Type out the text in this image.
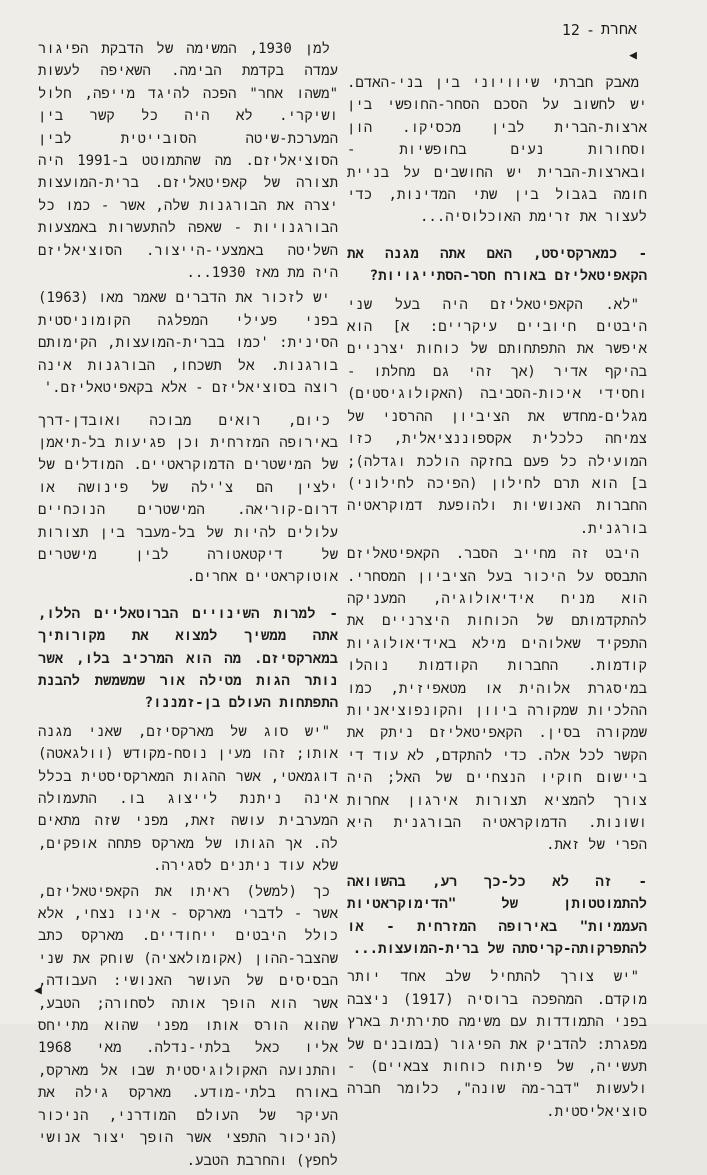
אחרת
-
12
◀

מאבק חברתי שיוויוני בין בני-האדם. יש לחשוב על הסכם הסחר-החופשי בין ארצות-הברית לבין מכסיקו. הון וסחורות נעים בחופשיות - ובארצות-הברית יש החושבים על בניית חומה בגבול בין שתי המדינות, כדי לעצור את זרימת האוכלוסיה...

- כמארקסיסט, האם אתה מגנה את הקאפיטאליזם באורח חסר-הסתייגויות?

"לא. הקאפיטאליזם היה בעל שני היבטים חיוביים עיקריים: א] הוא איפשר את התפתחותם של כוחות יצרניים בהיקף אדיר (אך זהי גם מחלתו - וחסידי איכות-הסביבה (האקולוגיסטים) מגלים-מחדש את הציביון ההרסני של צמיחה כלכלית אקספוננציאלית, כזו המועילה כל פעם בחזקה הולכת וגדלה); ב] הוא תרם לחילון (הפיכה לחילוני) החברות האנושיות ולהופעת דמוקראטיה בורגנית.

היבט זה מחייב הסבר. הקאפיטאליזם התבסס על היכור בעל הציביון המסחרי. הוא מניח אידיאולוגיה, המעניקה להתקדמותם של הכוחות היצרניים את התפקיד שאלוהים מילא באידיאולוגיות קודמות. החברות הקודמות נוהלו במיסגרת אלוהית או מטאפיזית, כמו ההלכיות שמקורה ביוון והקונפוציאניות שמקורה בסין. הקאפיטאליזם ניתק את הקשר לכל אלה. כדי להתקדם, לא עוד די ביישום חוקיו הנצחיים של האל; היה צורך להמציא תצורות אירגון אחרות ושונות. הדמוקראטיה הבורגנית היא הפרי של זאת.

- זה לא כל-כך רע, בהשוואה להתמוטטותן של "הדימוקראטיות העממיות" באירופה המזרחית - או להתפרקותה-קריסתה של ברית-המועצות...

"יש צורך להתחיל שלב אחד יותר מוקדם. המהפכה ברוסיה (1917) ניצבה בפני התמודדות עם משימה סתירתית בארץ מפגרת: להדביק את הפיגור (במובנים של תעשייה, של פיתוח כוחות צבאיים) - ולעשות "דבר-מה שונה", כלומר חברה סוציאליסטית.

למן 1930, המשימה של הדבקת הפיגור עמדה בקדמת הבימה. השאיפה לעשות "משהו אחר" הפכה להיגד מייפה, חלול ושיקרי. לא היה כל קשר בין המערכת-שיטה הסובייטית לבין הסוציאליזם. מה שהתמוטט ב-1991 היה תצורה של קאפיטאליזם. ברית-המועצות יצרה את הבורגנות שלה, אשר - כמו כל הבורגנויות - שאפה להתעשרות באמצעות השליטה באמצעי-הייצור. הסוציאליזם היה מת מאז 1930...

יש לזכור את הדברים שאמר מאו (1963) בפני פעילי המפלגה הקומוניסטית הסינית: 'כמו בברית-המועצות, הקימותם בורגנות. אל תשכחו, הבורגנות אינה רוצה בסוציאליזם - אלא בקאפיטאליזם.'

כיום, רואים מבוכה ואובדן-דרך באירופה המזרחית וכן פגיעות בל-תיאמן של המישטרים הדמוקראטיים. המודלים של ילצין הם צ'ילה של פינושה או דרום-קוריאה. המישטרים הנוכחיים עלולים להיות של בל-מעבר בין תצורות של דיקטאטורה לבין מישטרים אוטוקראטיים אחרים.

- למרות השינויים הברוטאליים הללו, אתה ממשיך למצוא את מקורותיך במארקסיזם. מה הוא המרכיב בלו, אשר נותר הגות מטילה אור שמשמשת להבנת התפתחות העולם בן-זמננו?

"יש סוג של מארקסיזם, שאני מגנה אותו; זהו מעין נוסח-מקודש (וולגאטה) דוגמאטי, אשר ההגות המארקסיסטית בכלל אינה ניתנת לייצוג בו. התעמולה המערבית עושה זאת, מפני שזה מתאים לה. אך הגותו של מארקס פתחה אופקים, שלא עוד ניתנים לסגירה.

כך (למשל) ראיתו את הקאפיטאליזם, אשר - לדברי מארקס - אינו נצחי, אלא כולל היבטים ייחודיים. מארקס כתב שהצבר-ההון (אקומולאציה) שוחק את שני הבסיסים של העושר האנושי: העבודה, אשר הוא הופך אותה לסחורה; הטבע, שהוא הורס אותו מפני שהוא מתייחס אליו כאל בלתי-נדלה. מאי 1968 והתנועה האקולוגיסטית שבו אל מארקס, באורח בלתי-מודע. מארקס גילה את העיקר של העולם המודרני, הניכור (הניכור התפצי אשר הופך יצור אנושי לחפץ) והחרבת הטבע.

◀
